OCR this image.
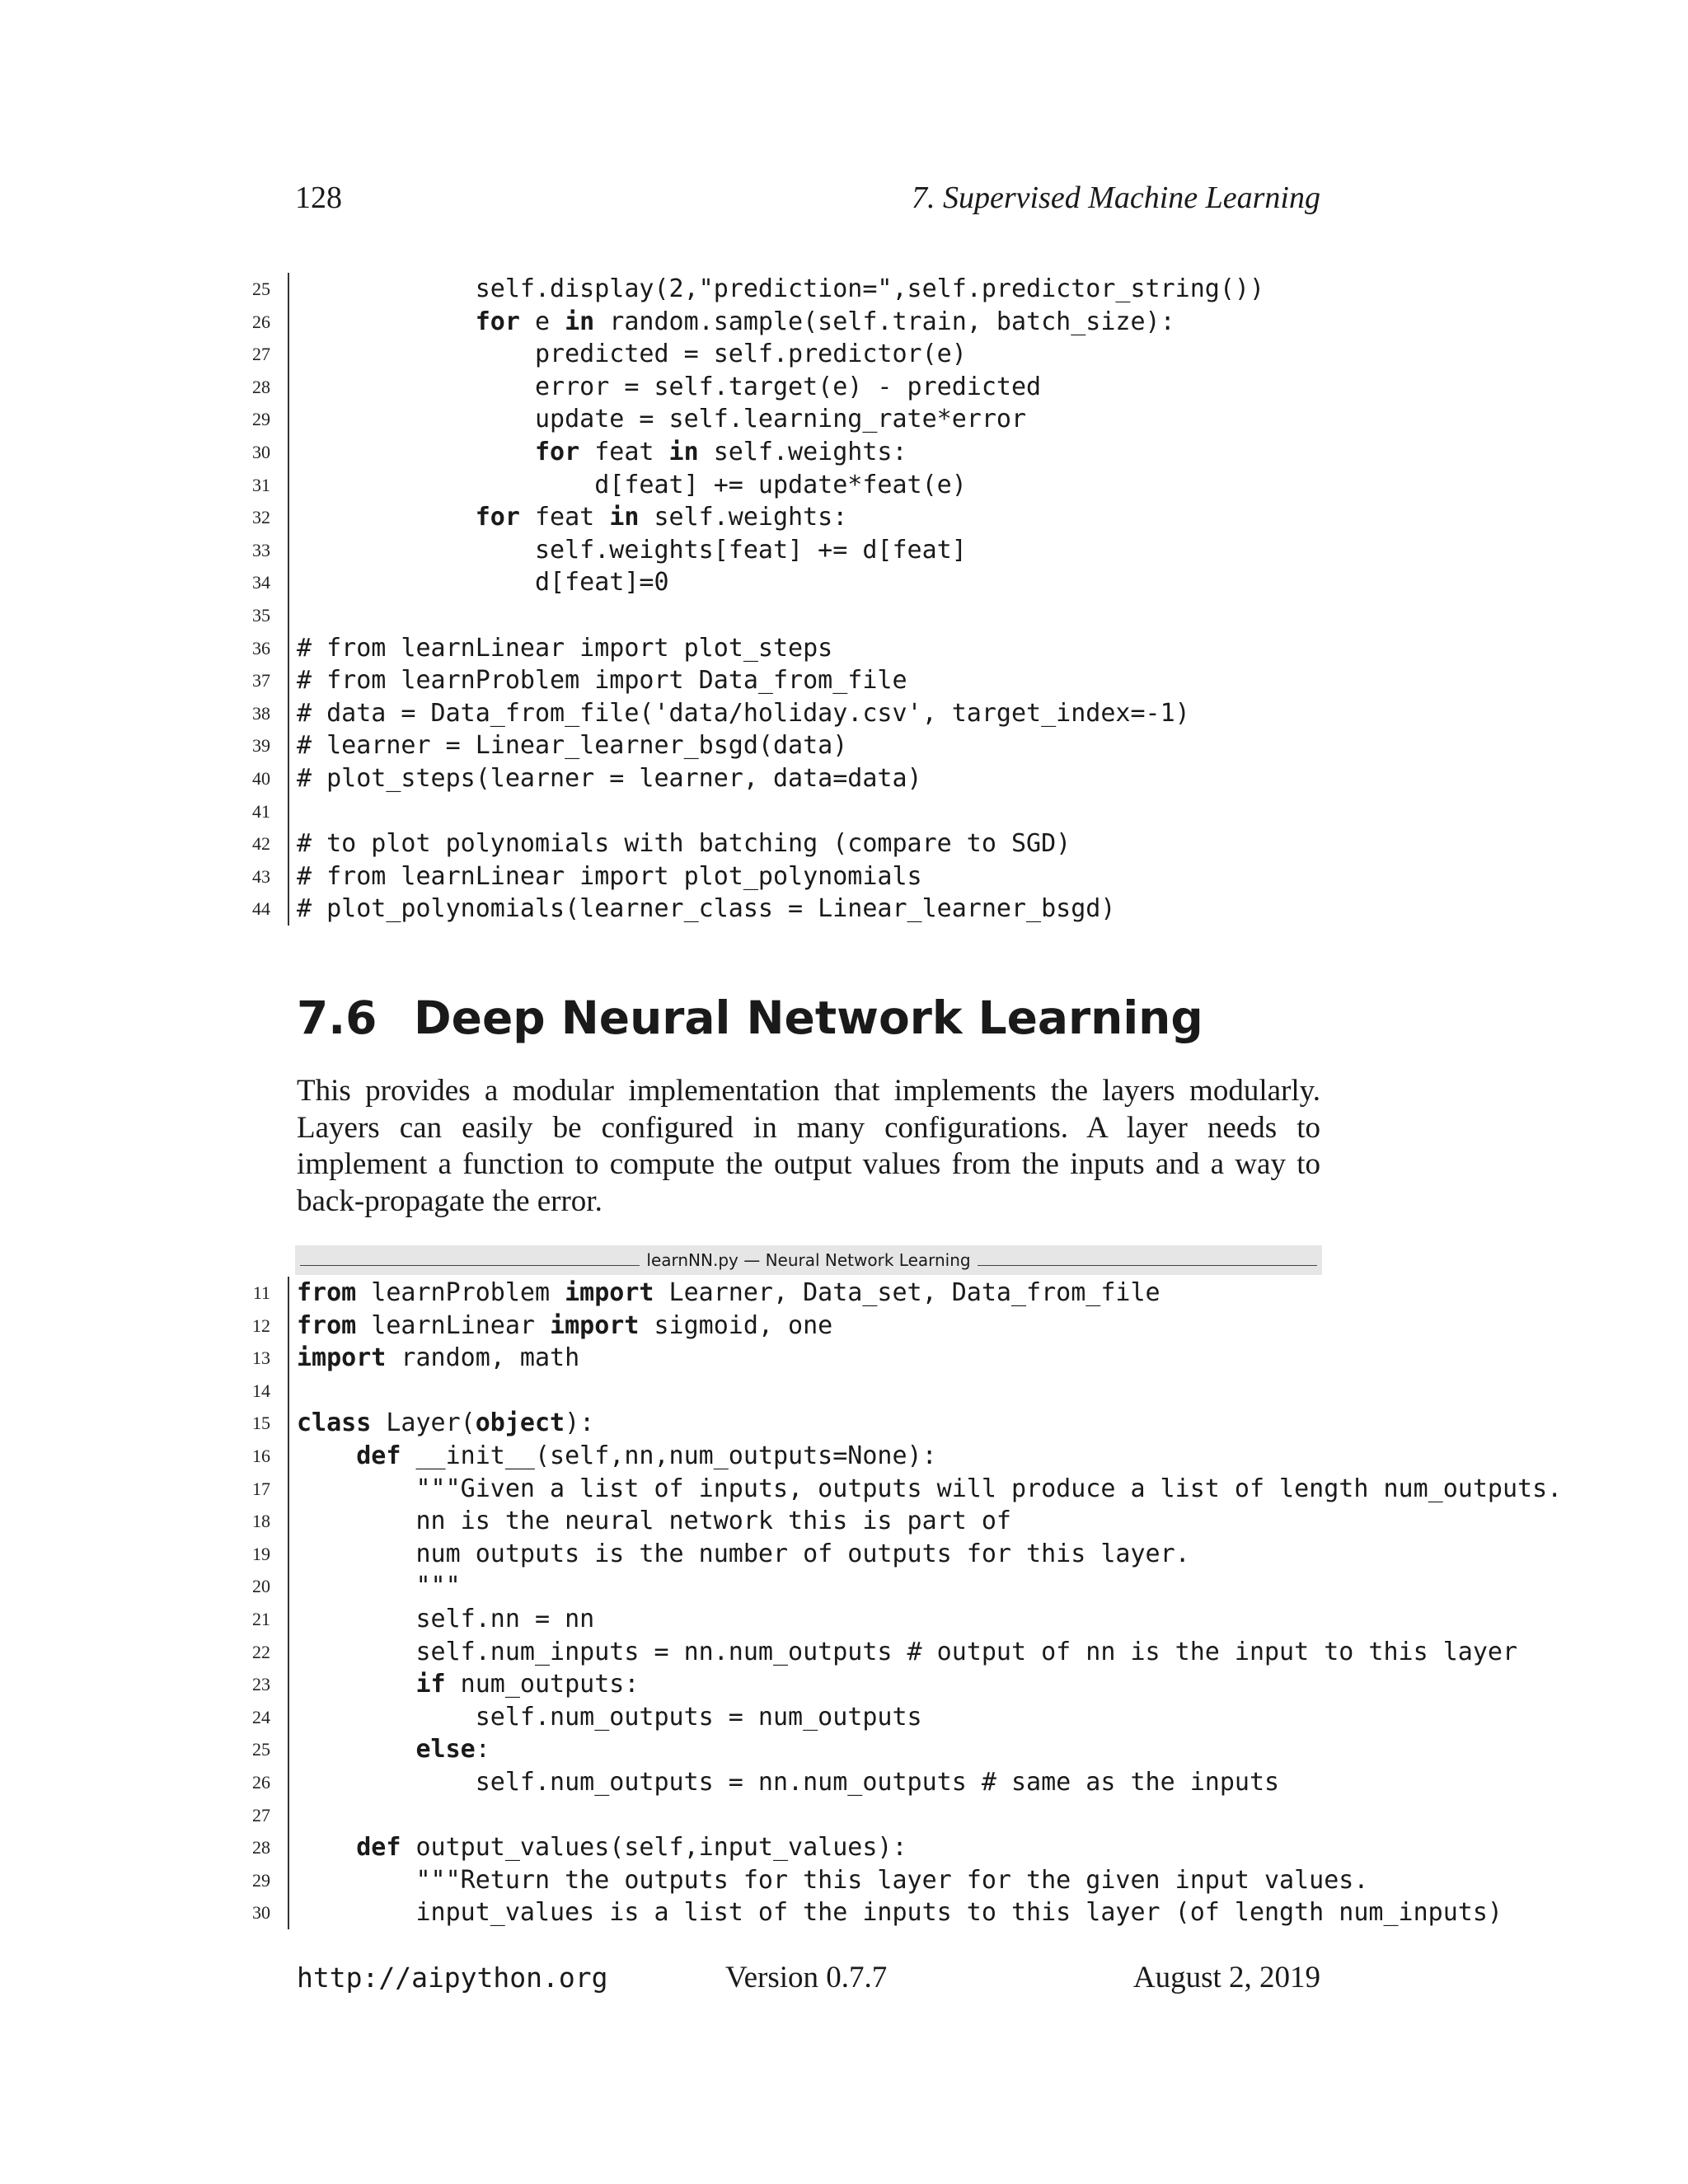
128	7. Supervised Machine Learning
25 self.display(2,"prediction=",self.predictor_string())
26	for e in random.sample(self.train, batch_size):
27 predicted = self.predictor(e)
28 error = self.target(e) - predicted
29 update = self.learning_rate*error
30	for feat in self.weights:
31 d[feat] += update*feat(e)
32	for feat in self.weights:
33 self.weights[feat] += d[feat]
34 d[feat]=0
35
36 # from learnLinear import plot_steps
37 # from learnProblem import Data_from_file
38 # data = Data_from_file('data/holiday.csv', target_index=-1)
39 # learner = Linear_learner_bsgd(data)
40 # plot_steps(learner = learner, data=data)
41
42 # to plot polynomials with batching (compare to SGD)
43 # from learnLinear import plot_polynomials
44 # plot_polynomials(learner_class = Linear_learner_bsgd)
7.6 Deep Neural Network Learning
This provides a modular implementation that implements the layers modularly. Layers can easily be configured in many configurations. A layer needs to implement a function to compute the output values from the inputs and a way to back-propagate the error.
learnNN.py — Neural Network Learning
11 from learnProblem import Learner, Data_set, Data_from_file
12 from learnLinear import sigmoid, one
13 import random, math
14
15 class Layer(object):
16	def __init__(self,nn,num_outputs=None):
17 """Given a list of inputs, outputs will produce a list of length num_outputs.
18 nn is the neural network this is part of
19 num outputs is the number of outputs for this layer.
20 """
21 self.nn = nn
22 self.num_inputs = nn.num_outputs # output of nn is the input to this layer
23	if num_outputs:
24 self.num_outputs = num_outputs
25	else:
26 self.num_outputs = nn.num_outputs # same as the inputs
27
28	def output_values(self,input_values):
29 """Return the outputs for this layer for the given input values.
30 input_values is a list of the inputs to this layer (of length num_inputs)
http://aipython.org	Version 0.7.7	August 2, 2019
